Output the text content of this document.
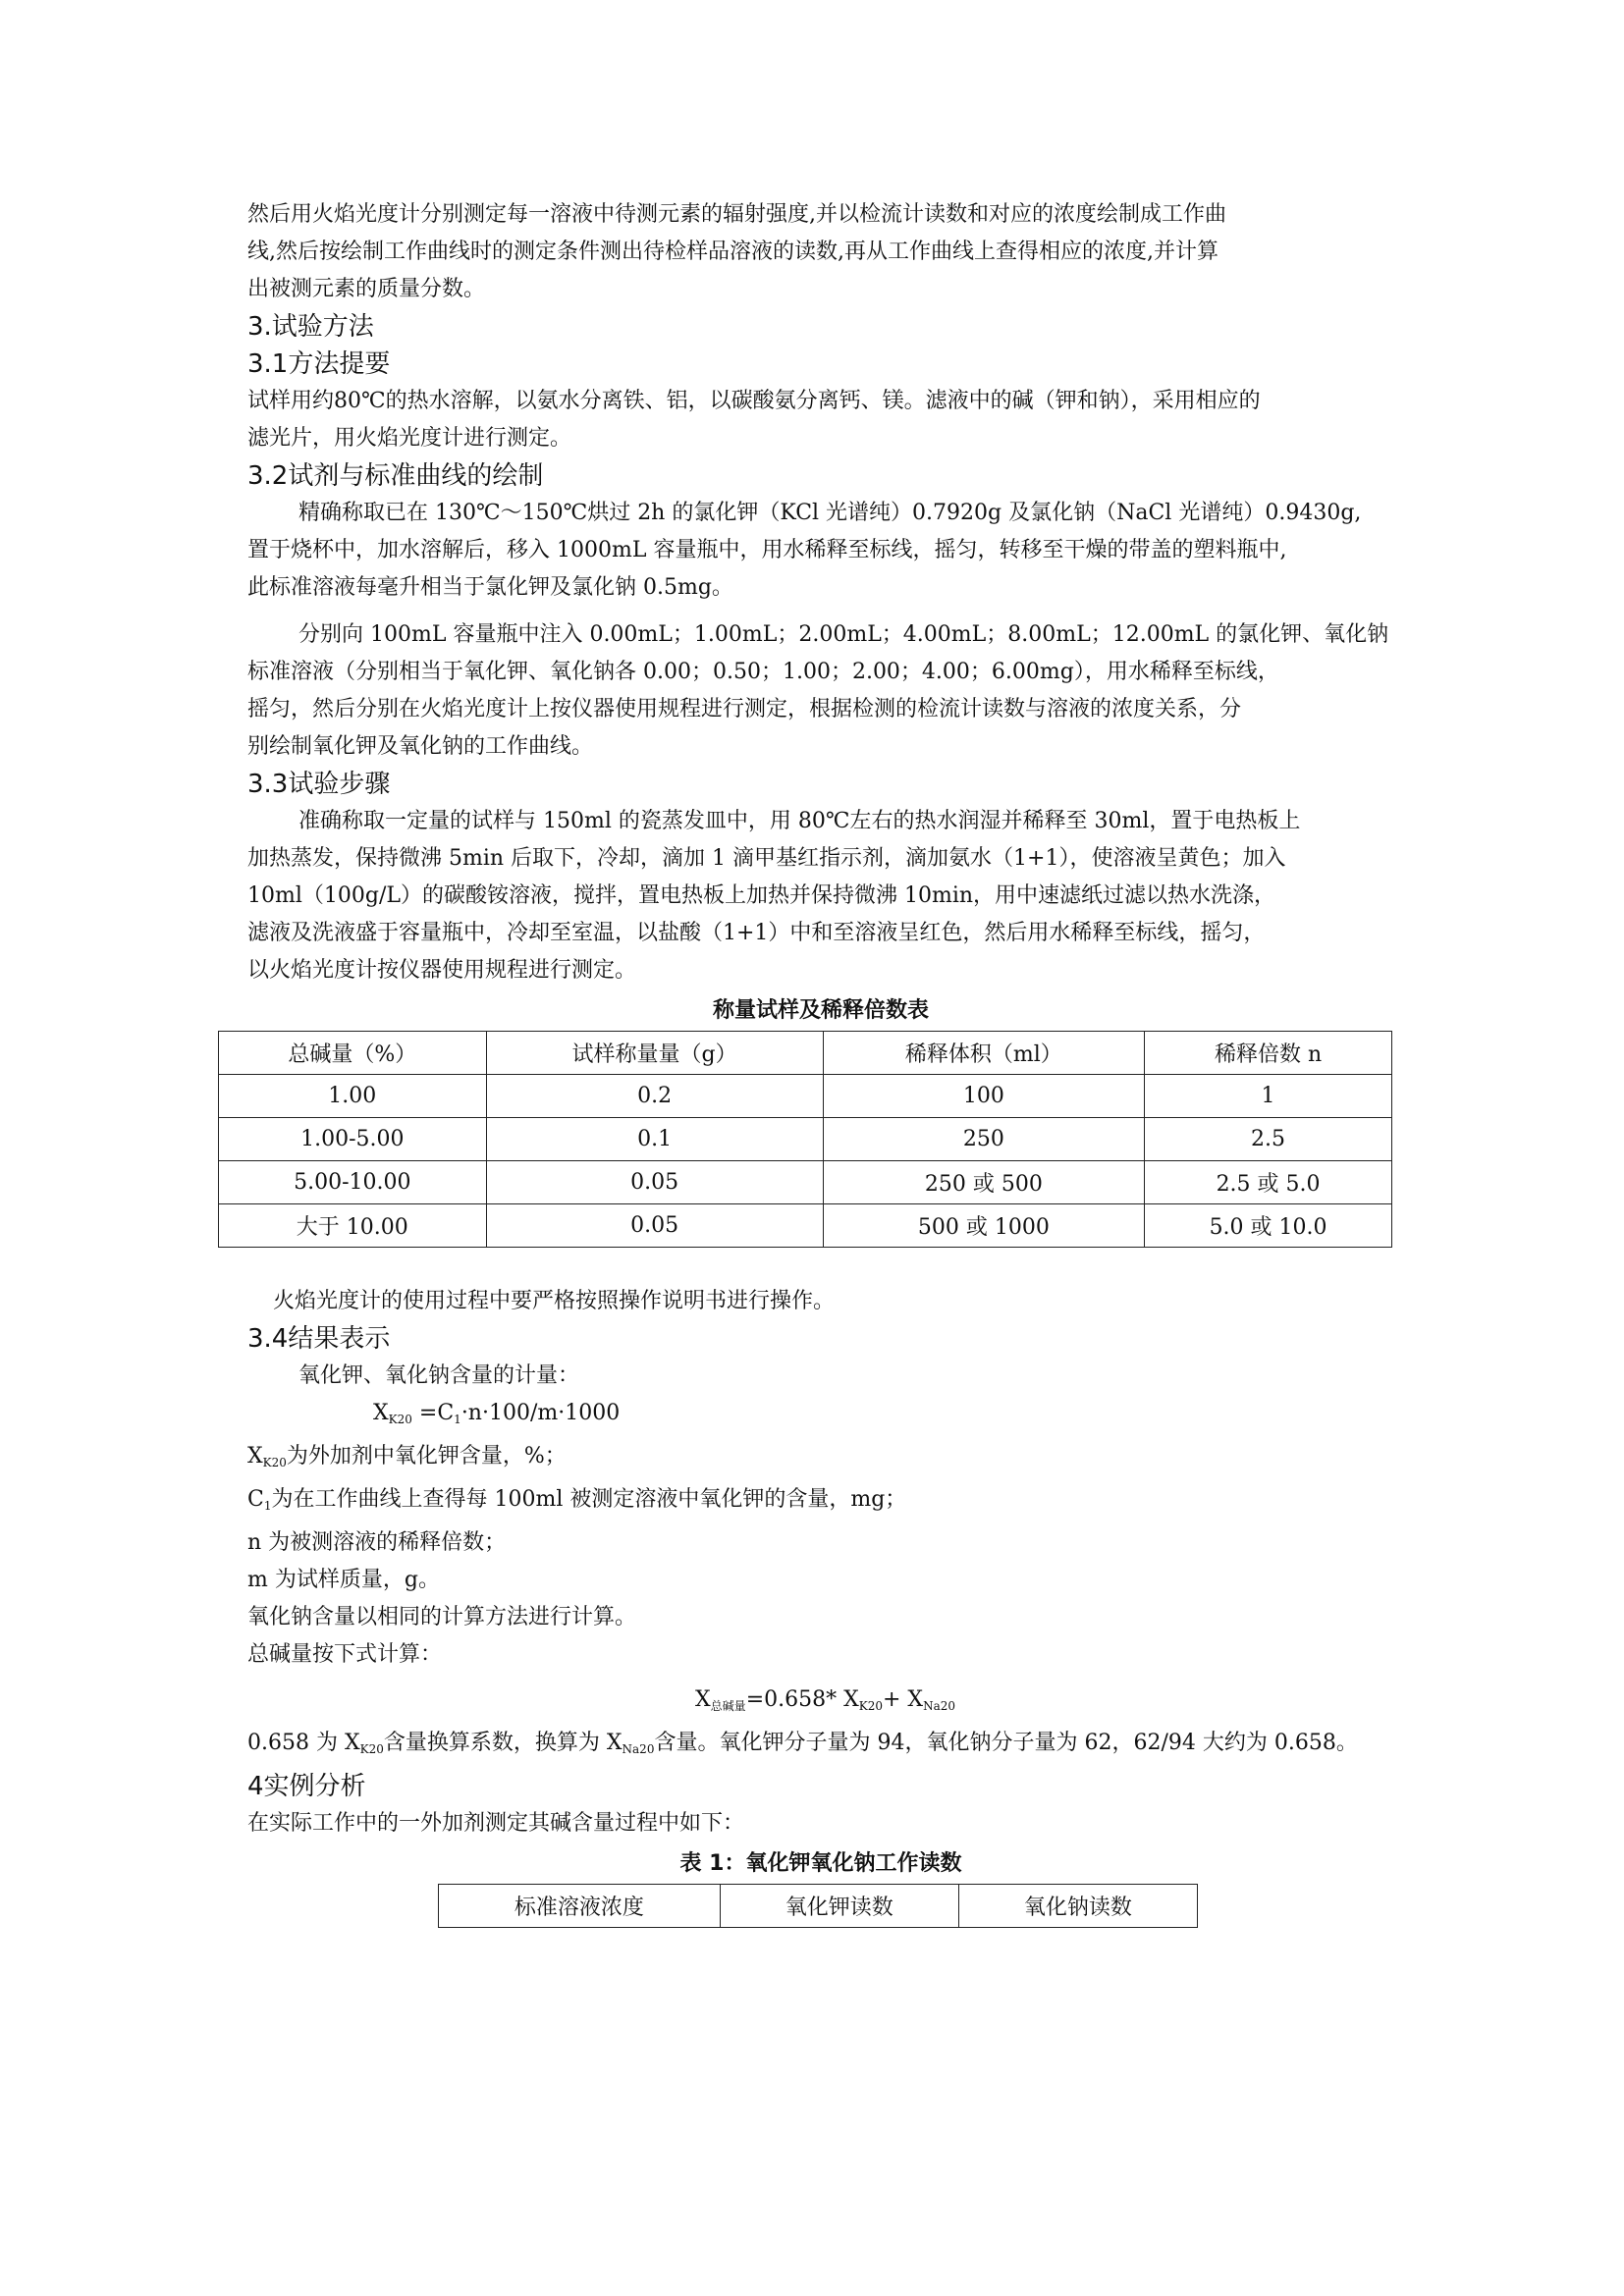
然后用火焰光度计分别测定每一溶液中待测元素的辐射强度,并以检流计读数和对应的浓度绘制成工作曲

线,然后按绘制工作曲线时的测定条件测出待检样品溶液的读数,再从工作曲线上查得相应的浓度,并计算

出被测元素的质量分数。

3.试验方法

3.1方法提要

试样用约80℃的热水溶解，以氨水分离铁、铝，以碳酸氨分离钙、镁。滤液中的碱（钾和钠），采用相应的

滤光片，用火焰光度计进行测定。

3.2试剂与标准曲线的绘制

精确称取已在 130℃～150℃烘过 2h 的氯化钾（KCl 光谱纯）0.7920g 及氯化钠（NaCl 光谱纯）0.9430g,

置于烧杯中，加水溶解后，移入 1000mL 容量瓶中，用水稀释至标线，摇匀，转移至干燥的带盖的塑料瓶中,

此标准溶液每毫升相当于氯化钾及氯化钠 0.5mg。

分别向 100mL 容量瓶中注入 0.00mL；1.00mL；2.00mL；4.00mL；8.00mL；12.00mL 的氯化钾、氧化钠

标准溶液（分别相当于氧化钾、氧化钠各 0.00；0.50；1.00；2.00；4.00；6.00mg），用水稀释至标线，

摇匀，然后分别在火焰光度计上按仪器使用规程进行测定，根据检测的检流计读数与溶液的浓度关系，分

别绘制氧化钾及氧化钠的工作曲线。

3.3试验步骤

准确称取一定量的试样与 150ml 的瓷蒸发皿中，用 80℃左右的热水润湿并稀释至 30ml，置于电热板上

加热蒸发，保持微沸 5min 后取下，冷却，滴加 1 滴甲基红指示剂，滴加氨水（1+1），使溶液呈黄色；加入

10ml（100g/L）的碳酸铵溶液，搅拌，置电热板上加热并保持微沸 10min，用中速滤纸过滤以热水洗涤，

滤液及洗液盛于容量瓶中，冷却至室温，以盐酸（1+1）中和至溶液呈红色，然后用水稀释至标线，摇匀，

以火焰光度计按仪器使用规程进行测定。

称量试样及稀释倍数表

总碱量（%）	试样称量量（g）	稀释体积（ml）	稀释倍数 n
1.00	0.2	100	1
1.00-5.00	0.1	250	2.5
5.00-10.00	0.05	250 或 500	2.5 或 5.0
大于 10.00	0.05	500 或 1000	5.0 或 10.0

火焰光度计的使用过程中要严格按照操作说明书进行操作。

3.4结果表示

氧化钾、氧化钠含量的计量：

$X_{K20} =C_1\cdot n\cdot 100/m\cdot 1000$

$X_{K20}$为外加剂中氧化钾含量，%；

$C_1$为在工作曲线上查得每 100ml 被测定溶液中氧化钾的含量，mg；

n 为被测溶液的稀释倍数；

m 为试样质量，g。

氧化钠含量以相同的计算方法进行计算。

总碱量按下式计算：

$X_{总碱量}=0.658*$ $X_{K20}+ X_{Na20}$

0.658 为 $X_{K20}$含量换算系数，换算为 $X_{Na20}$含量。氧化钾分子量为 94，氧化钠分子量为 62，62/94 大约为 0.658。

4实例分析

在实际工作中的一外加剂测定其碱含量过程中如下：

表 1：氧化钾氧化钠工作读数

标准溶液浓度	氧化钾读数	氧化钠读数
